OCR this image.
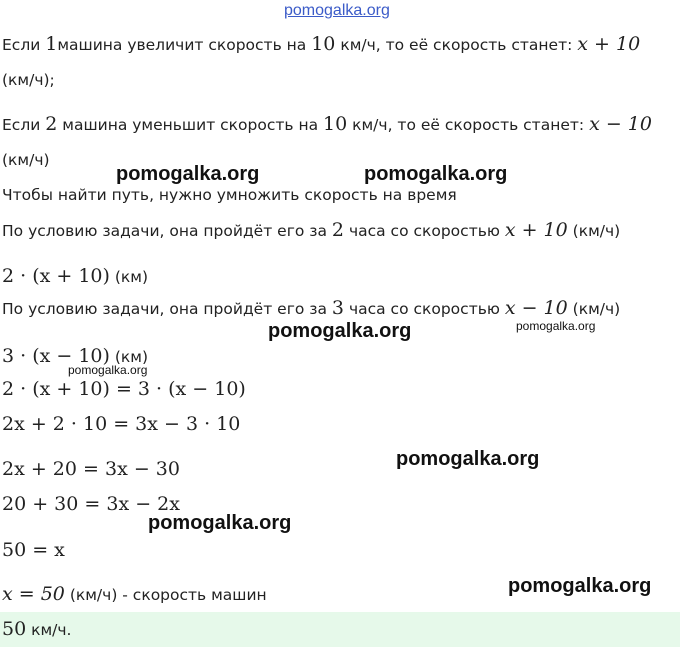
pomogalka.org
Если 1машина увеличит скорость на 10 км/ч, то её скорость станет: x + 10
(км/ч);
Если 2 машина уменьшит скорость на 10 км/ч, то её скорость станет: x − 10
(км/ч)
Чтобы найти путь, нужно умножить скорость на время
По условию задачи, она пройдёт его за 2 часа со скоростью x + 10 (км/ч)
2 · (x + 10) (км)
По условию задачи, она пройдёт его за 3 часа со скоростью x − 10 (км/ч)
3 · (x − 10) (км)
2 · (x + 10) = 3 · (x − 10)
2x + 2 · 10 = 3x − 3 · 10
2x + 20 = 3x − 30
20 + 30 = 3x − 2x
50 = x
x = 50 (км/ч) - скорость машин
50 км/ч.
pomogalka.org	pomogalka.org
pomogalka.org	pomogalka.org
pomogalka.org
pomogalka.org
pomogalka.org
pomogalka.org
